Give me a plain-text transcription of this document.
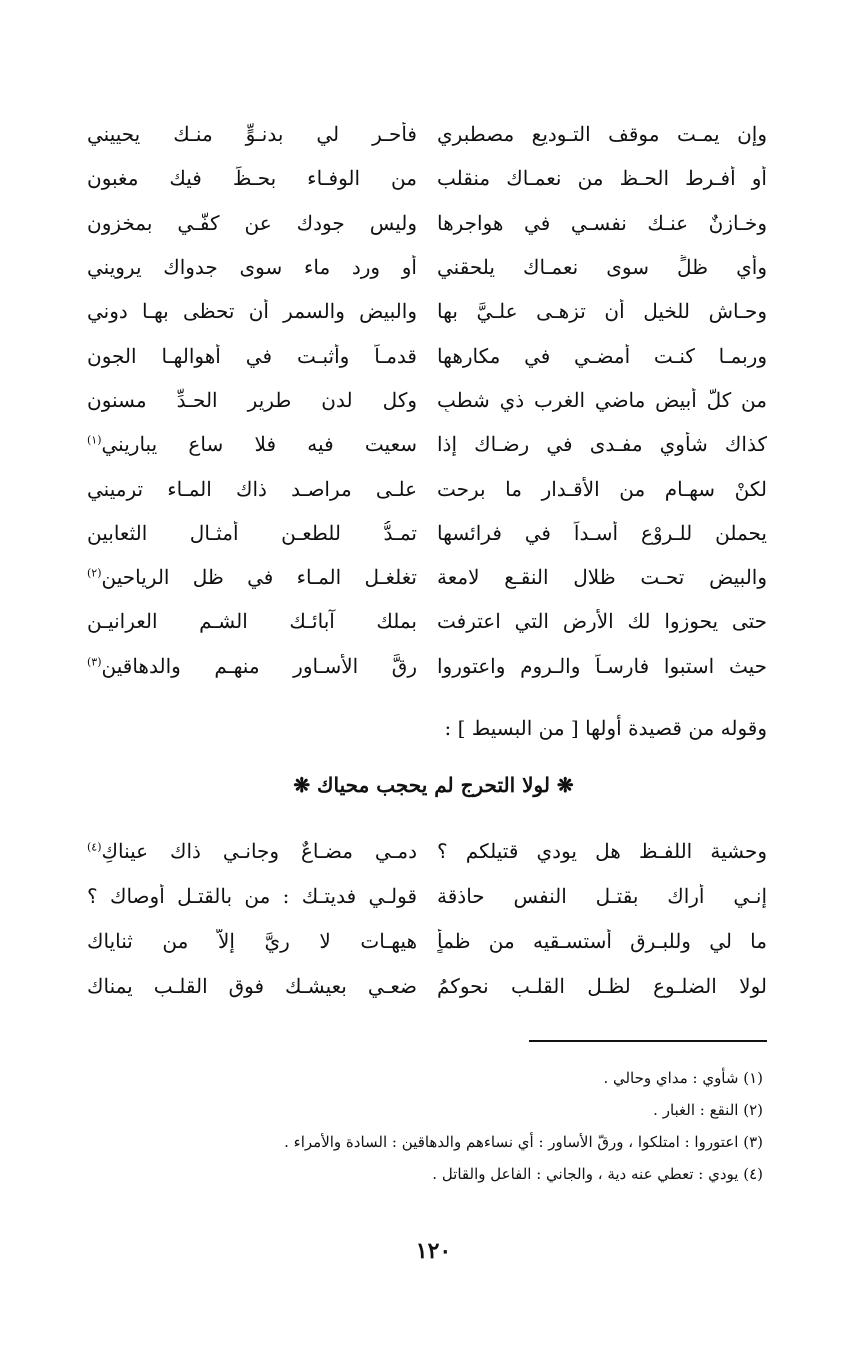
وإن يمـت موقف التـوديع مصطبري
فأحـرِ لي بدنـوٍّ منـك يحييني
أو أفـرط الحـظ من نعمـاك منقلب
من الوفـاء بحـظٍّ فيك مغبون
وخـازنٌ عنـك نفسـي في هواجرها
وليس جودك عن كفّـي بمخزون
وأي ظلٍّ سوى نعمـاك يلحقني
أو ورد ماء سوى جدواك يرويني
وحـاش للخيل أن تزهـى علـيَّ بها
والبيض والسمر أن تحظى بهـا دوني
وربمـا كنـت أمضـي في مكارهها
قدمـاً وأثبـت في أهوالهـا الجون
من كلّ أبيض ماضي الغرب ذي شطبٍ
وكل لدنٍ طرير الحـدِّ مسنون
كذاك شأوي مفـدى في رضـاك إذا
سعيت فيه فلا ساعٍ يباريني$^{(١)}$
لكنْ سهـام من الأقـدار ما برحت
علـى مراصـد ذاك المـاء ترميني
يحملن للـروْع أسـداً في فرائسها
تمـدُّ للطعـن أمثـال الثعابين
والبيض تحـت ظلال النقـع لامعة
تغلغـل المـاء في ظل الرياحين$^{(٢)}$
حتى يحوزوا لك الأرض التي اعترفت
بملك آبائـك الشـم العرانيـن
حيث استبوا فارسـاً والـروم واعتوروا
رقَّ الأسـاور منهـم والدهاقين$^{(٣)}$
وقوله من قصيدة أولها [ من البسيط ] :
❋ لولا التحرج لم يحجب محياك ❋
وحشية اللفـظ هل يودي قتيلكم ؟
دمـي مضـاعٌ وجانـي ذاك عيناكِ$^{(٤)}$
إنـي أراك بقتـل النفس حاذقة
قولـي فديتـك : من بالقتـل أوصاك ؟
ما لي وللبـرق أستسـقيه من ظمأٍ
هيهـات لا ريَّ إلاّ من ثناياك
لولا الضلـوع لظـل القلـب نحوكمُ
ضعـي بعيشـك فوق القلـب يمناك
(١) شأوي : مداي وحالي .
(٢) النقع : الغبار .
(٣) اعتوروا : امتلكوا ، ورقّ الأساور : أي نساءهم والدهاقين : السادة والأمراء .
(٤) يودي : تعطي عنه دية ، والجاني : الفاعل والقاتل .
١٢٠
